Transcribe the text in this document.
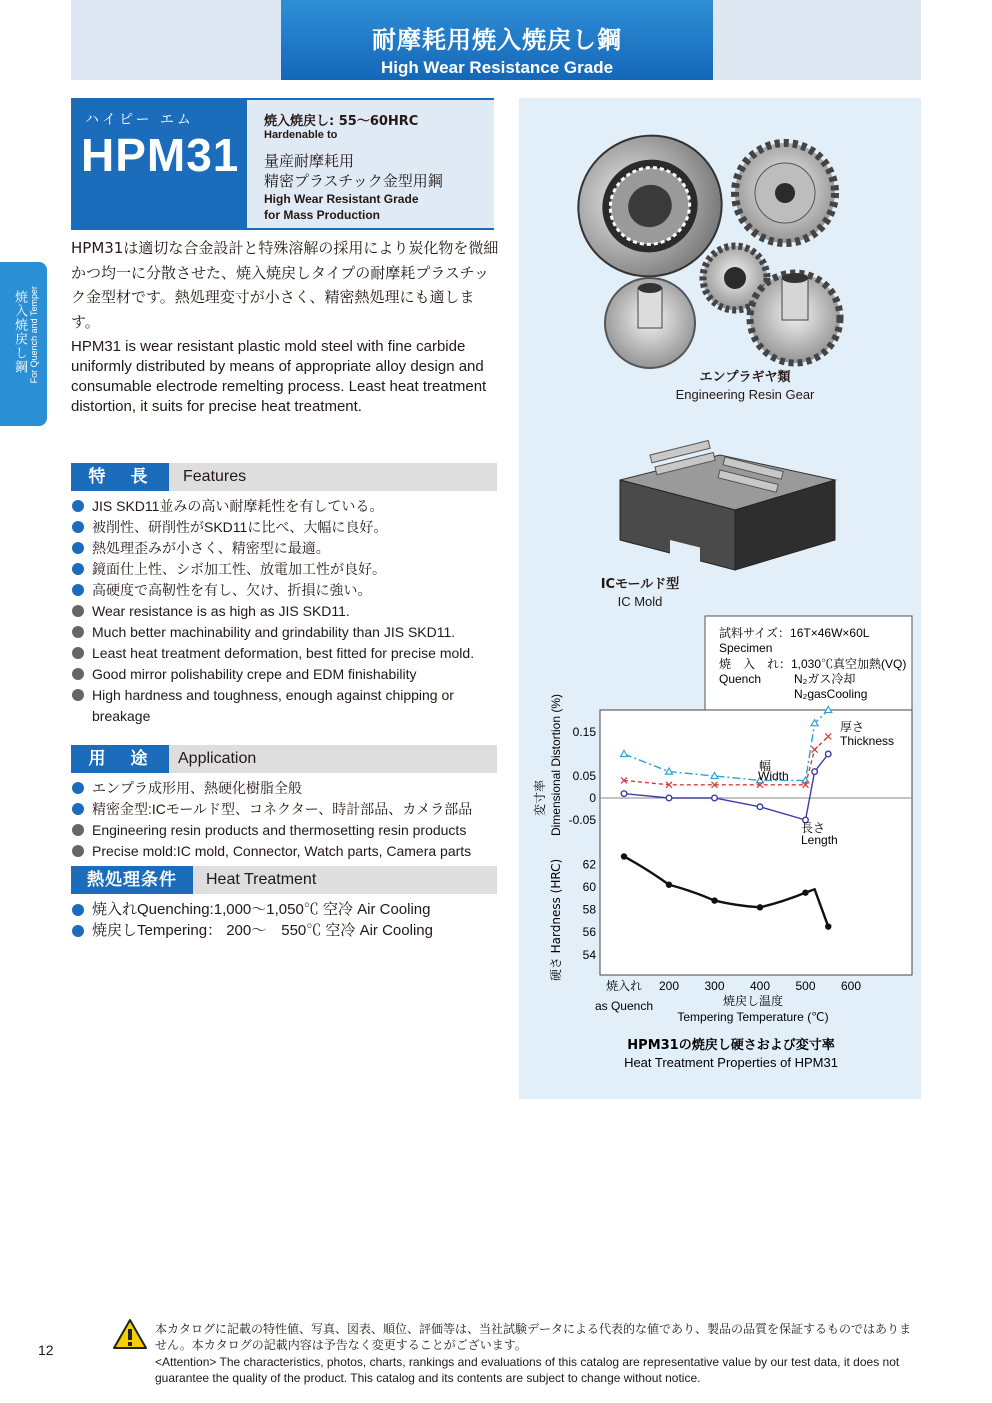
耐摩耗用焼入焼戻し鋼
High Wear Resistance Grade
焼入焼戻し鋼 For Quench and Temper
ハイピー エム
HPM31
焼入焼戻し: 55〜60HRC
Hardenable to
量産耐摩耗用
精密プラスチック金型用鋼
High Wear Resistant Grade
for Mass Production

HPM31は適切な合金設計と特殊溶解の採用により炭化物を微細かつ均一に分散させた、焼入焼戻しタイプの耐摩耗プラスチック金型材です。熱処理変寸が小さく、精密熱処理にも適します。

HPM31 is wear resistant plastic mold steel with fine carbide uniformly distributed by means of appropriate alloy design and consumable electrode remelting process. Least heat treatment distortion, it suits for precise heat treatment.

特　長	Features
JIS SKD11並みの高い耐摩耗性を有している。
被削性、研削性がSKD11に比べ、大幅に良好。
熱処理歪みが小さく、精密型に最適。
鏡面仕上性、シボ加工性、放電加工性が良好。
高硬度で高靭性を有し、欠け、折損に強い。
Wear resistance is as high as JIS SKD11.
Much better machinability and grindability than JIS SKD11.
Least heat treatment deformation, best fitted for precise mold.
Good mirror polishability crepe and EDM finishability
High hardness and toughness, enough against chipping or breakage
用　途	Application
エンプラ成形用、熱硬化樹脂全般
精密金型:ICモールド型、コネクター、時計部品、カメラ部品
Engineering resin products and thermosetting resin products
Precise mold:IC mold, Connector, Watch parts, Camera parts
熱処理条件	Heat Treatment
焼入れQuenching:1,000〜1,050℃ 空冷 Air Cooling
焼戻しTempering： 200〜　550℃ 空冷 Air Cooling
エンプラギヤ類
Engineering Resin Gear
ICモールド型
IC Mold
試料サイズ：16T×46W×60L
Specimen
焼　入　れ：1,030℃真空加熱(VQ)
Quench	N₂ガス冷却
N₂gasCooling
変寸率 Dimensional Distortion (%)
硬さ Hardness (HRC)
0.15
0.05
0
-0.05
62
60
58
56
54
焼入れ 200 300 400 500 600
厚さ
Thickness
幅
Width
長さ
Length
as Quench	焼戻し温度
Tempering Temperature (℃)
HPM31の焼戻し硬さおよび変寸率
Heat Treatment Properties of HPM31
12
本カタログに記載の特性値、写真、図表、順位、評価等は、当社試験データによる代表的な値であり、製品の品質を保証するものではありません。本カタログの記載内容は予告なく変更することがございます。
<Attention> The characteristics, photos, charts, rankings and evaluations of this catalog are representative value by our test data, it does not guarantee the quality of the product. This catalog and its contents are subject to change without notice.
